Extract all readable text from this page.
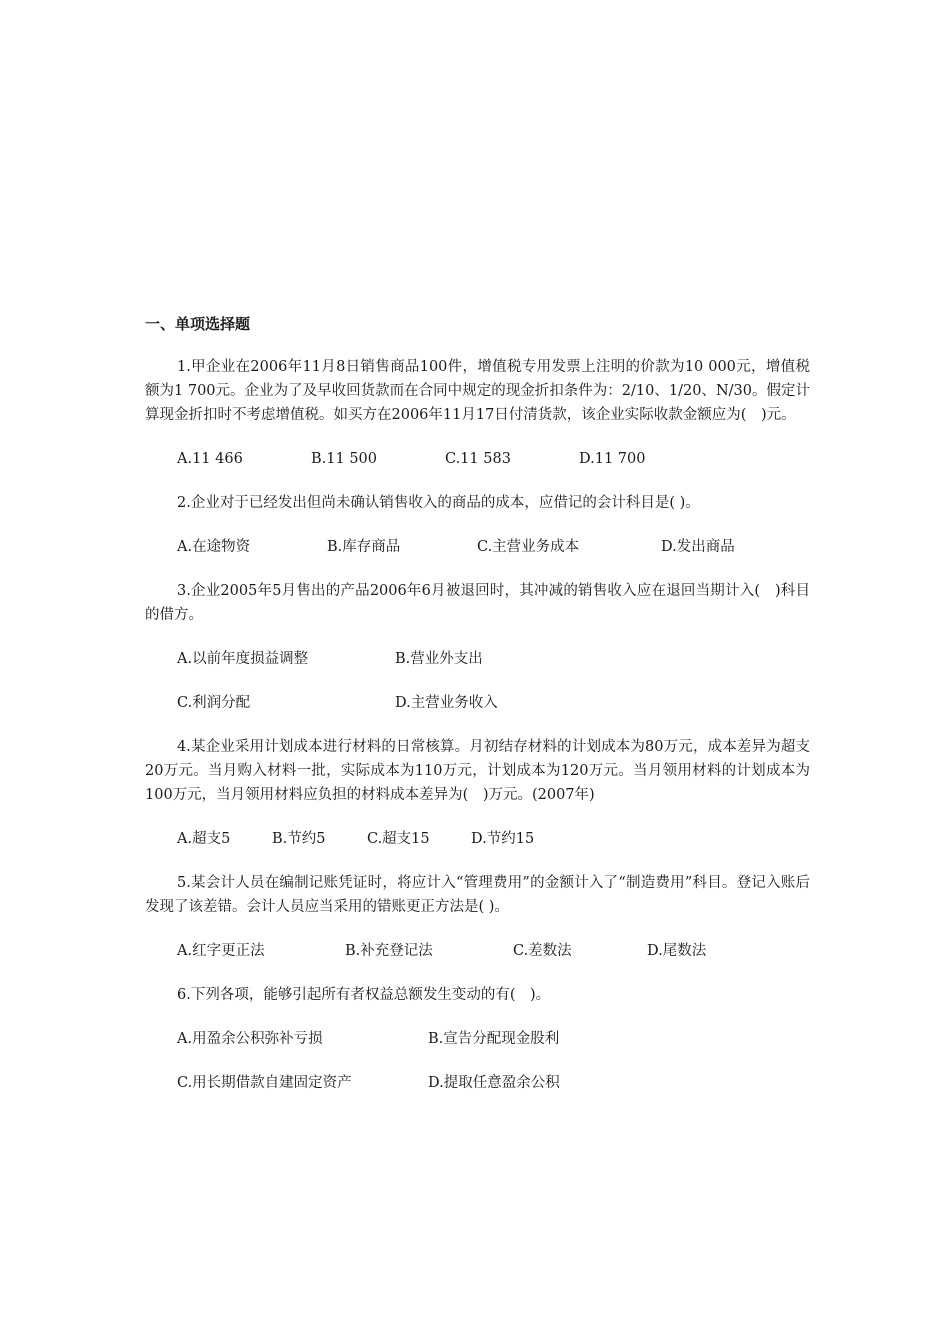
一、单项选择题
1.甲企业在2006年11月8日销售商品100件，增值税专用发票上注明的价款为10 000元，增值税额为1 700元。企业为了及早收回货款而在合同中规定的现金折扣条件为：2/10、1/20、N/30。假定计算现金折扣时不考虑增值税。如买方在2006年11月17日付清货款，该企业实际收款金额应为(　)元。
A.11 466	B.11 500	C.11 583	D.11 700
2.企业对于已经发出但尚未确认销售收入的商品的成本，应借记的会计科目是( )。
A.在途物资	B.库存商品	C.主营业务成本	D.发出商品
3.企业2005年5月售出的产品2006年6月被退回时，其冲减的销售收入应在退回当期计入(　)科目的借方。
A.以前年度损益调整	B.营业外支出
C.利润分配	D.主营业务收入
4.某企业采用计划成本进行材料的日常核算。月初结存材料的计划成本为80万元，成本差异为超支20万元。当月购入材料一批，实际成本为110万元，计划成本为120万元。当月领用材料的计划成本为100万元，当月领用材料应负担的材料成本差异为(　)万元。(2007年)
A.超支5	B.节约5	C.超支15	D.节约15
5.某会计人员在编制记账凭证时，将应计入“管理费用”的金额计入了“制造费用”科目。登记入账后发现了该差错。会计人员应当采用的错账更正方法是( )。
A.红字更正法	B.补充登记法	C.差数法	D.尾数法
6.下列各项，能够引起所有者权益总额发生变动的有(　)。
A.用盈余公积弥补亏损	B.宣告分配现金股利
C.用长期借款自建固定资产	D.提取任意盈余公积
